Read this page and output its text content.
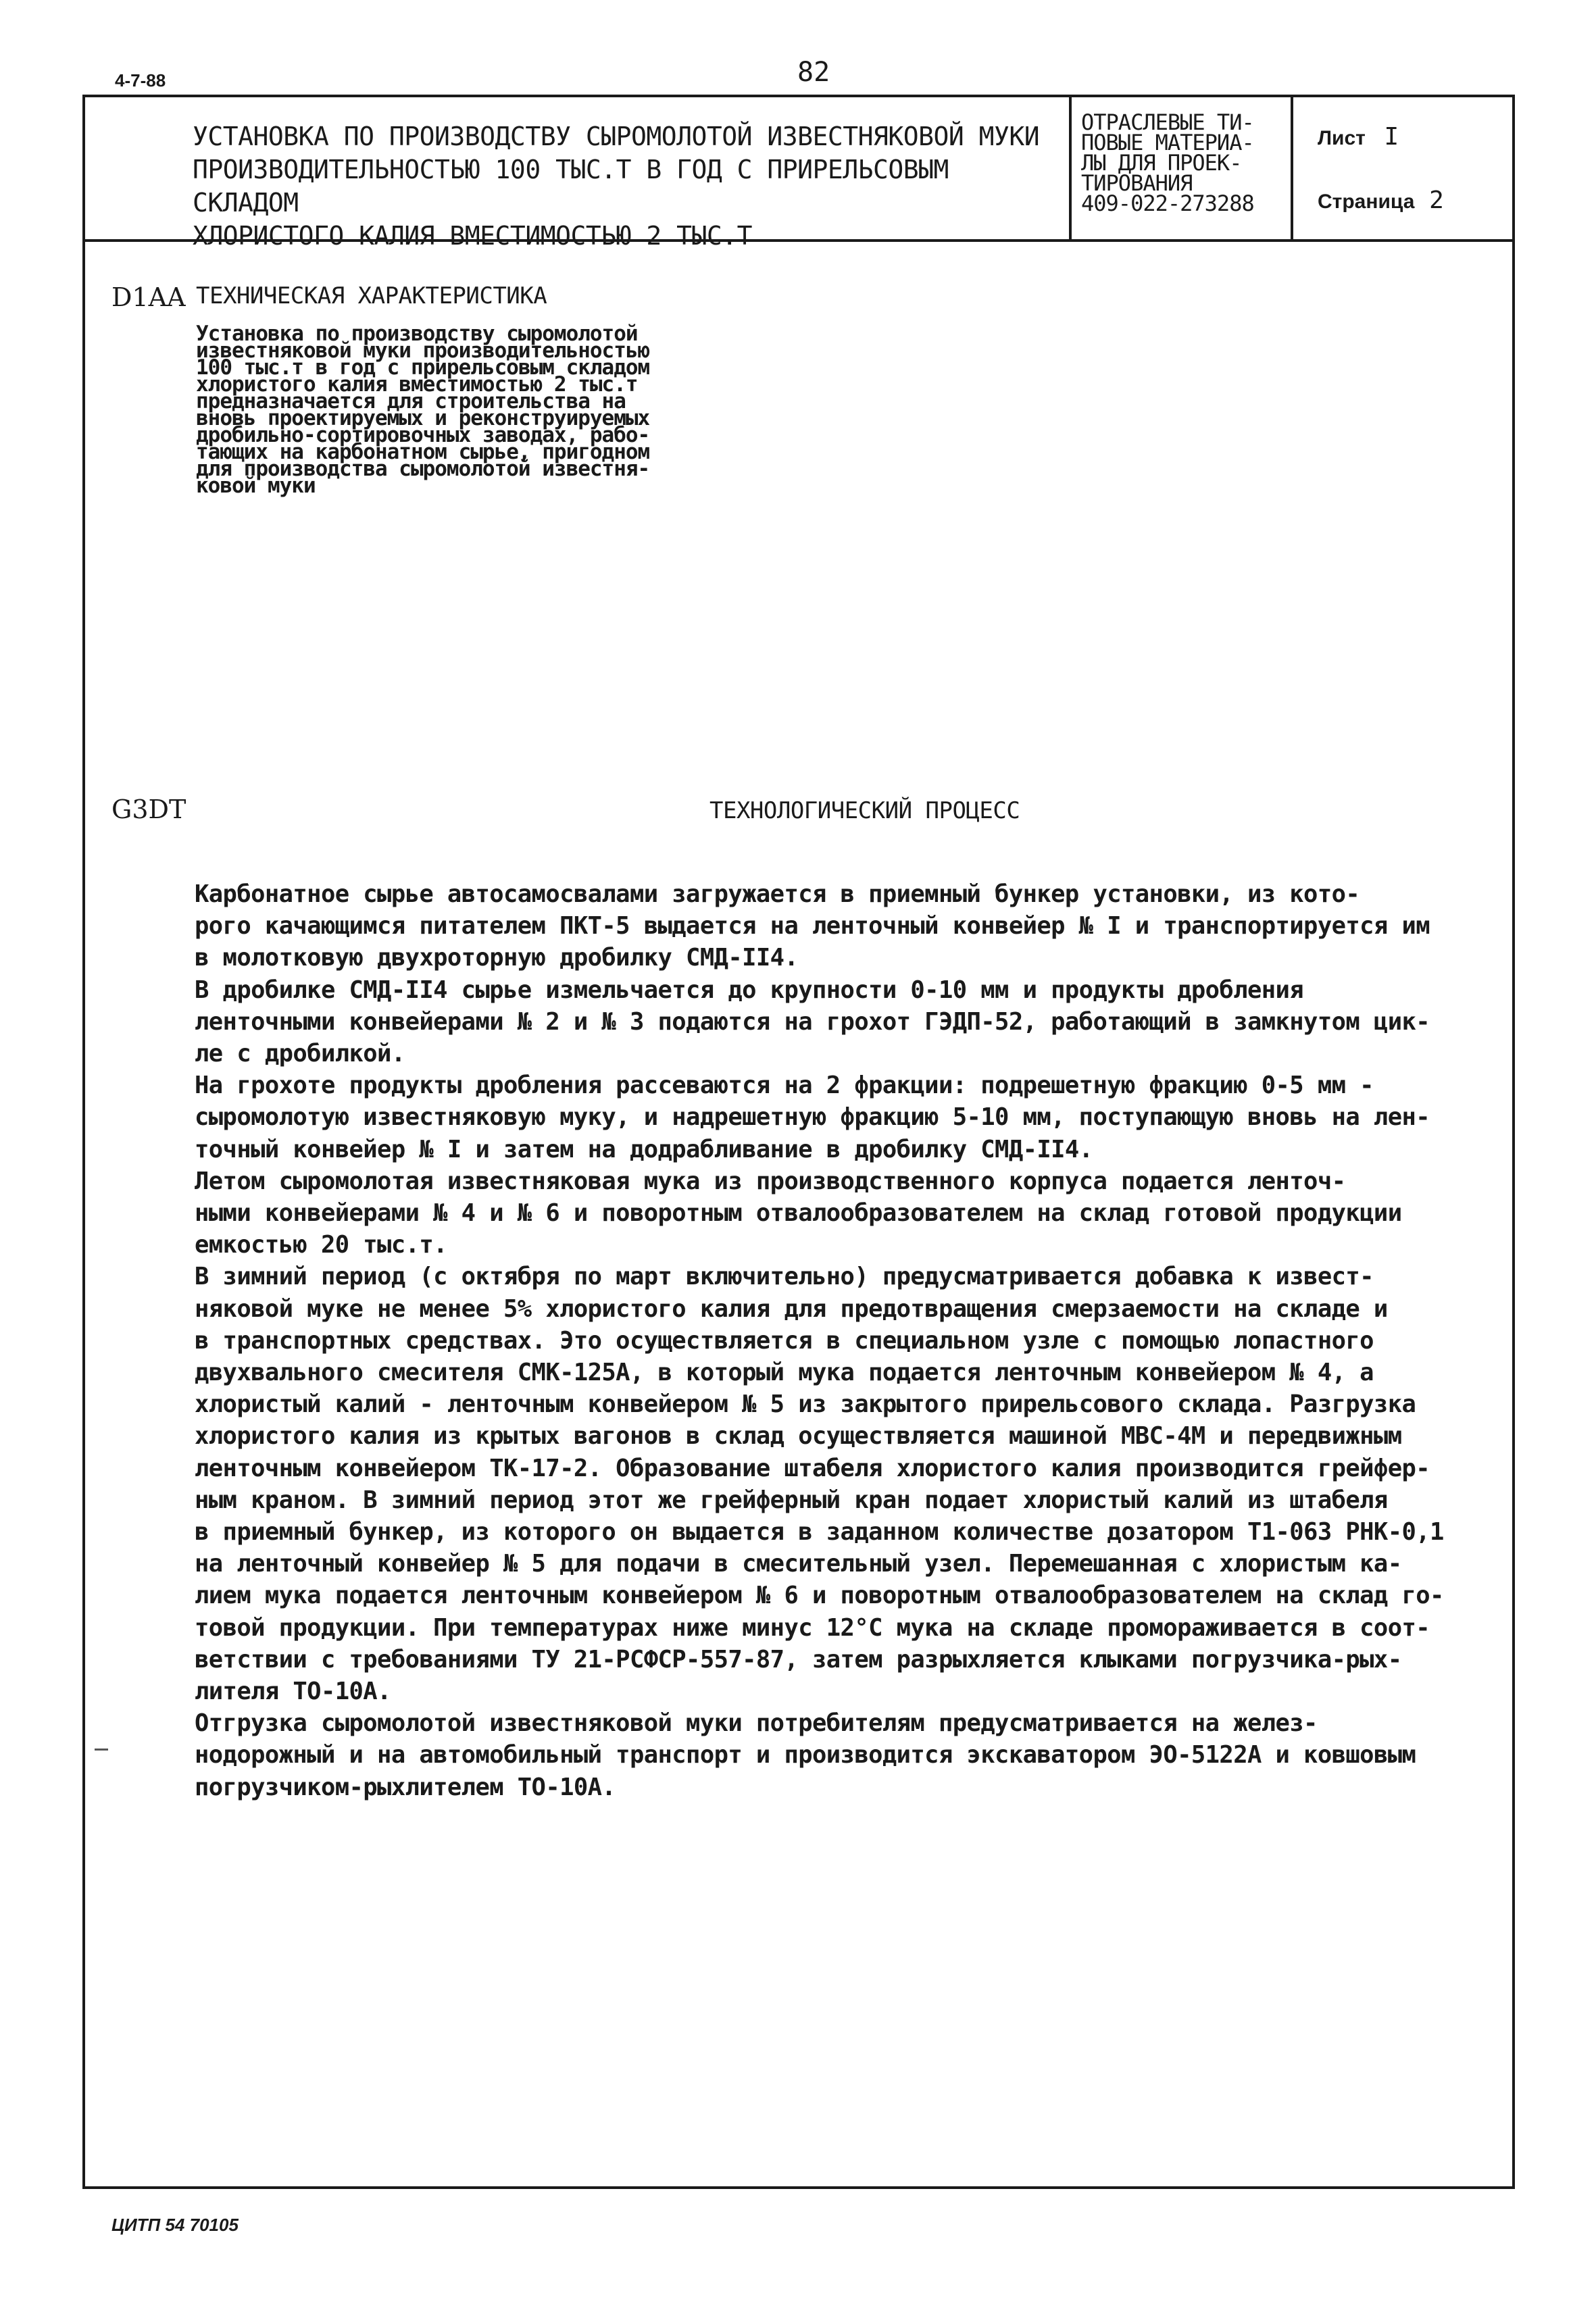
4-7-88	82
УСТАНОВКА ПО ПРОИЗВОДСТВУ СЫРОМОЛОТОЙ ИЗВЕСТНЯКОВОЙ МУКИ
ПРОИЗВОДИТЕЛЬНОСТЬЮ 100 ТЫС.Т В ГОД С ПРИРЕЛЬСОВЫМ СКЛАДОМ
ХЛОРИСТОГО КАЛИЯ ВМЕСТИМОСТЬЮ 2 ТЫС.Т
ОТРАСЛЕВЫЕ ТИ-
ПОВЫЕ МАТЕРИА-
ЛЫ ДЛЯ ПРОЕК-
ТИРОВАНИЯ
409-022-273288
Лист I
Страница 2
D1AA ТЕХНИЧЕСКАЯ ХАРАКТЕРИСТИКА
Установка по производству сыромолотой
известняковой муки производительностью
100 тыс.т в год с прирельсовым складом
хлористого калия вместимостью 2 тыс.т
предназначается для строительства на
вновь проектируемых и реконструируемых
дробильно-сортировочных заводах, рабо-
тающих на карбонатном сырье, пригодном
для производства сыромолотой известня-
ковой муки
G3DT	ТЕХНОЛОГИЧЕСКИЙ ПРОЦЕСС
Карбонатное сырье автосамосвалами загружается в приемный бункер установки, из кото-
рого качающимся питателем ПКТ-5 выдается на ленточный конвейер № I и транспортируется им
в молотковую двухроторную дробилку СМД-II4.
В дробилке СМД-II4 сырье измельчается до крупности 0-10 мм и продукты дробления
ленточными конвейерами № 2 и № 3 подаются на грохот ГЭДП-52, работающий в замкнутом цик-
ле с дробилкой.
На грохоте продукты дробления рассеваются на 2 фракции: подрешетную фракцию 0-5 мм -
сыромолотую известняковую муку, и надрешетную фракцию 5-10 мм, поступающую вновь на лен-
точный конвейер № I и затем на додрабливание в дробилку СМД-II4.
Летом сыромолотая известняковая мука из производственного корпуса подается ленточ-
ными конвейерами № 4 и № 6 и поворотным отвалообразователем на склад готовой продукции
емкостью 20 тыс.т.
В зимний период (с октября по март включительно) предусматривается добавка к извест-
няковой муке не менее 5% хлористого калия для предотвращения смерзаемости на складе и
в транспортных средствах. Это осуществляется в специальном узле с помощью лопастного
двухвального смесителя СМК-125А, в который мука подается ленточным конвейером № 4, а
хлористый калий - ленточным конвейером № 5 из закрытого прирельсового склада. Разгрузка
хлористого калия из крытых вагонов в склад осуществляется машиной МВС-4М и передвижным
ленточным конвейером ТК-17-2. Образование штабеля хлористого калия производится грейфер-
ным краном. В зимний период этот же грейферный кран подает хлористый калий из штабеля
в приемный бункер, из которого он выдается в заданном количестве дозатором Т1-063 РНК-0,1
на ленточный конвейер № 5 для подачи в смесительный узел. Перемешанная с хлористым ка-
лием мука подается ленточным конвейером № 6 и поворотным отвалообразователем на склад го-
товой продукции. При температурах ниже минус 12°С мука на складе промораживается в соот-
ветствии с требованиями ТУ 21-РСФСР-557-87, затем разрыхляется клыками погрузчика-рых-
лителя ТО-10А.
Отгрузка сыромолотой известняковой муки потребителям предусматривается на желез-
нодорожный и на автомобильный транспорт и производится экскаватором ЭО-5122А и ковшовым
погрузчиком-рыхлителем ТО-10А.
ЦИТП 54 70105
